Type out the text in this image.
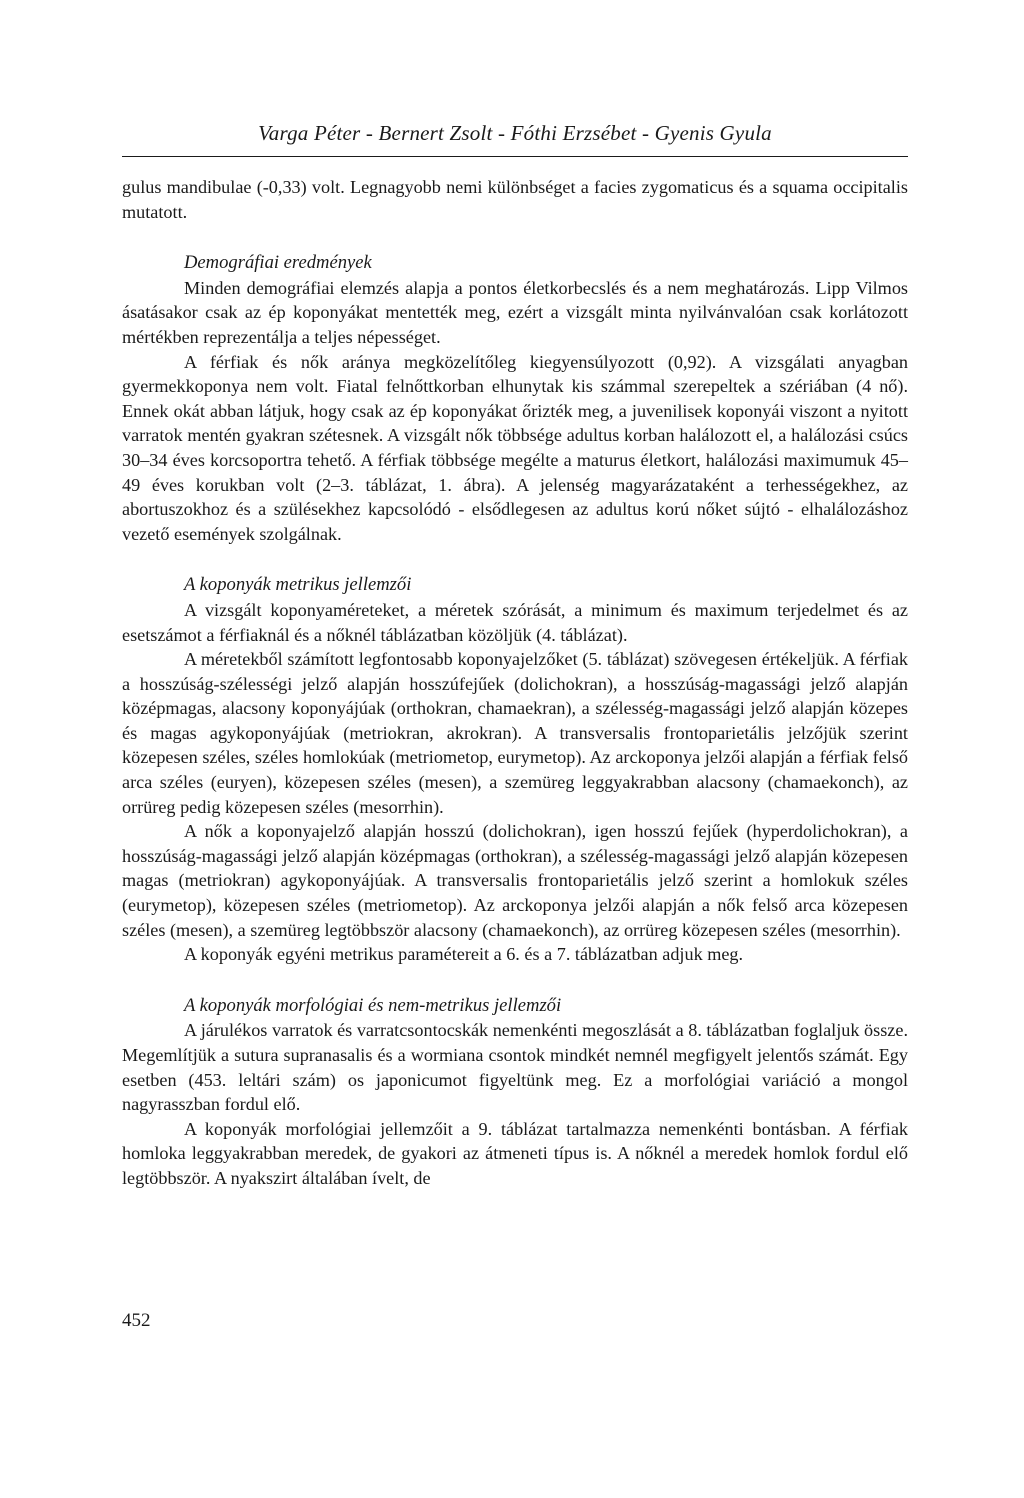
Varga Péter - Bernert Zsolt - Fóthi Erzsébet - Gyenis Gyula

gulus mandibulae (-0,33) volt. Legnagyobb nemi különbséget a facies zygomaticus és a squama occipitalis mutatott.

Demográfiai eredmények

Minden demográfiai elemzés alapja a pontos életkorbecslés és a nem meghatározás. Lipp Vilmos ásatásakor csak az ép koponyákat mentették meg, ezért a vizsgált minta nyilvánvalóan csak korlátozott mértékben reprezentálja a teljes népességet.

A férfiak és nők aránya megközelítőleg kiegyensúlyozott (0,92). A vizsgálati anyagban gyermekkoponya nem volt. Fiatal felnőttkorban elhunytak kis számmal szerepeltek a szériában (4 nő). Ennek okát abban látjuk, hogy csak az ép koponyákat őrizték meg, a juvenilisek koponyái viszont a nyitott varratok mentén gyakran szétesnek. A vizsgált nők többsége adultus korban halálozott el, a halálozási csúcs 30–34 éves korcsoportra tehető. A férfiak többsége megélte a maturus életkort, halálozási maximumuk 45–49 éves korukban volt (2–3. táblázat, 1. ábra). A jelenség magyarázataként a terhességekhez, az abortuszokhoz és a szülésekhez kapcsolódó - elsődlegesen az adultus korú nőket sújtó - elhalálozáshoz vezető események szolgálnak.

A koponyák metrikus jellemzői

A vizsgált koponyaméreteket, a méretek szórását, a minimum és maximum terjedelmet és az esetszámot a férfiaknál és a nőknél táblázatban közöljük (4. táblázat).

A méretekből számított legfontosabb koponyajelzőket (5. táblázat) szövegesen értékeljük. A férfiak a hosszúság-szélességi jelző alapján hosszúfejűek (dolichokran), a hosszúság-magassági jelző alapján középmagas, alacsony koponyájúak (orthokran, chamaekran), a szélesség-magassági jelző alapján közepes és magas agykoponyájúak (metriokran, akrokran). A transversalis frontoparietális jelzőjük szerint közepesen széles, széles homlokúak (metriometop, eurymetop). Az arckoponya jelzői alapján a férfiak felső arca széles (euryen), közepesen széles (mesen), a szemüreg leggyakrabban alacsony (chamaekonch), az orrüreg pedig közepesen széles (mesorrhin).

A nők a koponyajelző alapján hosszú (dolichokran), igen hosszú fejűek (hyperdolichokran), a hosszúság-magassági jelző alapján középmagas (orthokran), a szélesség-magassági jelző alapján közepesen magas (metriokran) agykoponyájúak. A transversalis frontoparietális jelző szerint a homlokuk széles (eurymetop), közepesen széles (metriometop). Az arckoponya jelzői alapján a nők felső arca közepesen széles (mesen), a szemüreg legtöbbször alacsony (chamaekonch), az orrüreg közepesen széles (mesorrhin).

A koponyák egyéni metrikus paramétereit a 6. és a 7. táblázatban adjuk meg.

A koponyák morfológiai és nem-metrikus jellemzői

A járulékos varratok és varratcsontocskák nemenkénti megoszlását a 8. táblázatban foglaljuk össze. Megemlítjük a sutura supranasalis és a wormiana csontok mindkét nemnél megfigyelt jelentős számát. Egy esetben (453. leltári szám) os japonicumot figyeltünk meg. Ez a morfológiai variáció a mongol nagyrasszban fordul elő.

A koponyák morfológiai jellemzőit a 9. táblázat tartalmazza nemenkénti bontásban. A férfiak homloka leggyakrabban meredek, de gyakori az átmeneti típus is. A nőknél a meredek homlok fordul elő legtöbbször. A nyakszirt általában ívelt, de

452
